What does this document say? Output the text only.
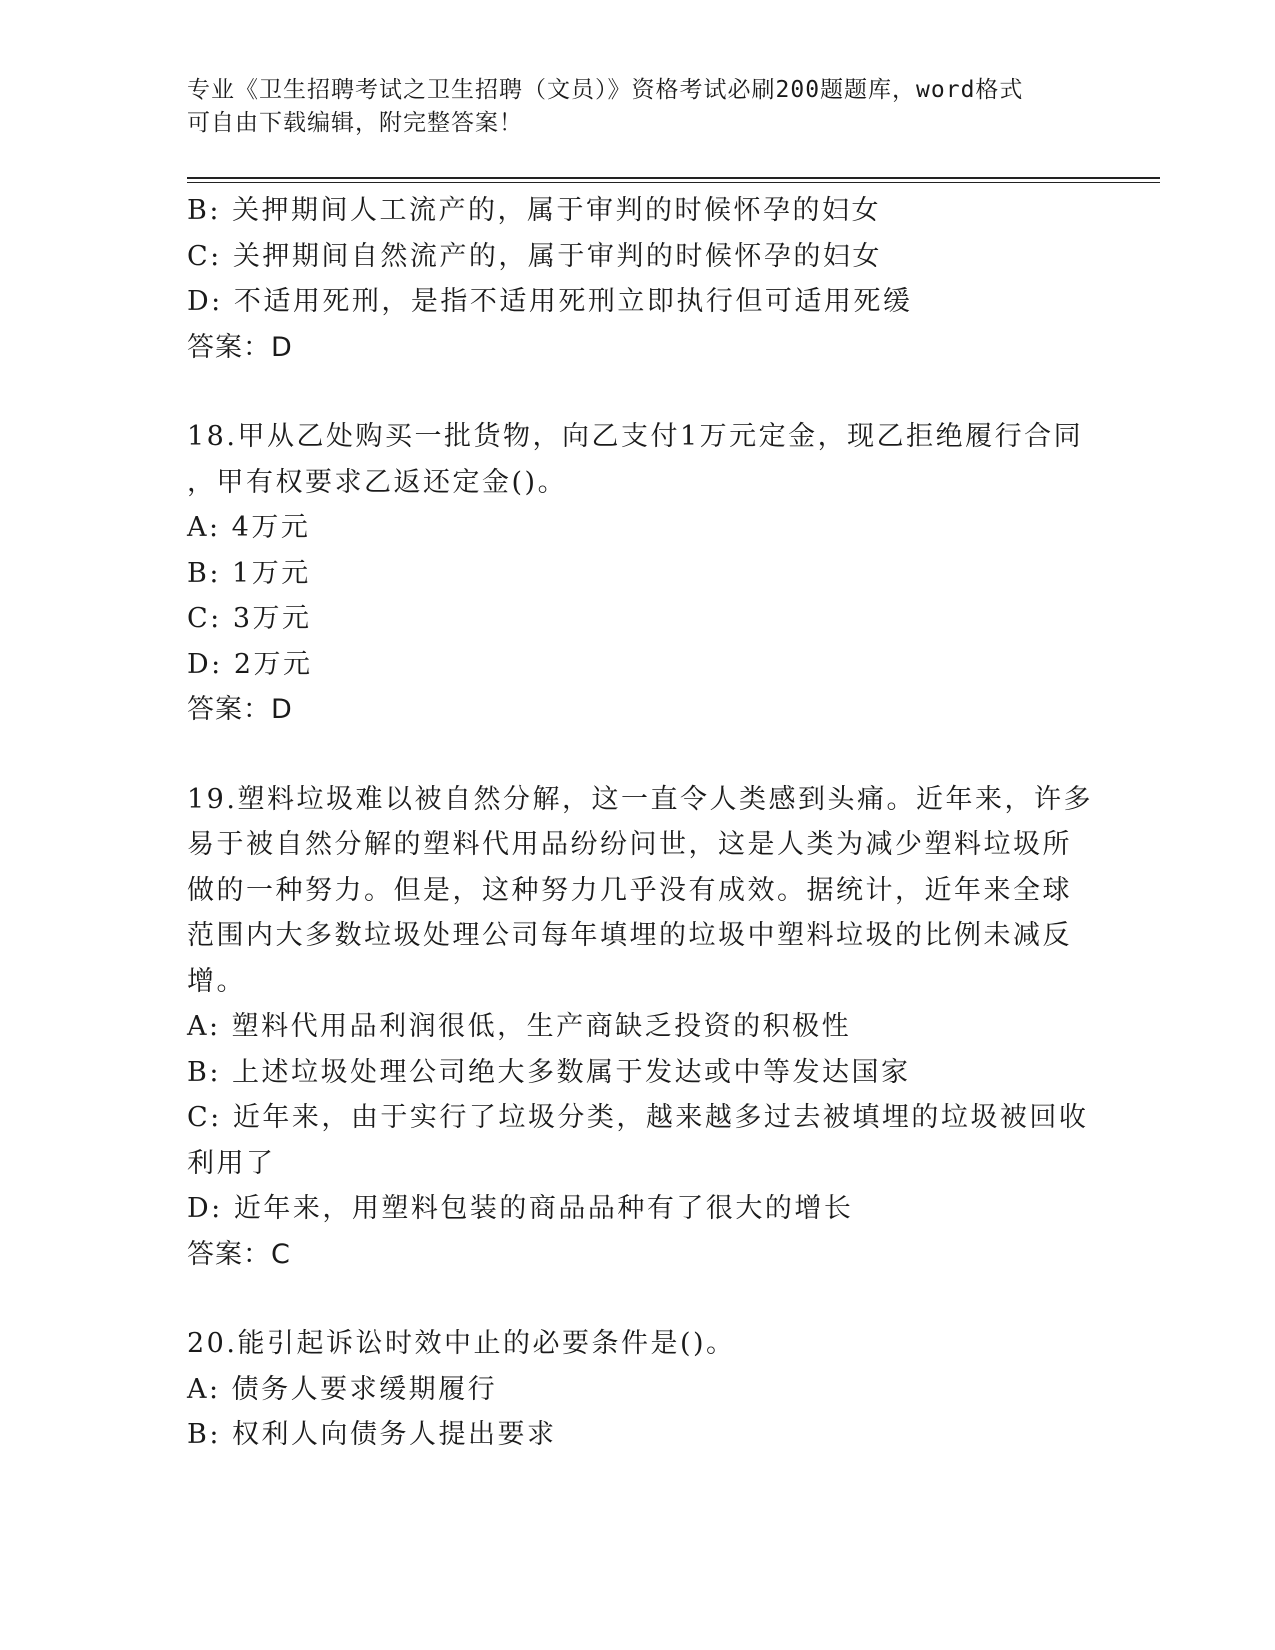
专业《卫生招聘考试之卫生招聘（文员）》资格考试必刷200题题库，word格式
可自由下载编辑，附完整答案！
B: 关押期间人工流产的，属于审判的时候怀孕的妇女
C: 关押期间自然流产的，属于审判的时候怀孕的妇女
D: 不适用死刑，是指不适用死刑立即执行但可适用死缓
答案：D
18.甲从乙处购买一批货物，向乙支付1万元定金，现乙拒绝履行合同
，甲有权要求乙返还定金()。
A: 4万元
B: 1万元
C: 3万元
D: 2万元
答案：D
19.塑料垃圾难以被自然分解，这一直令人类感到头痛。近年来，许多
易于被自然分解的塑料代用品纷纷问世，这是人类为减少塑料垃圾所
做的一种努力。但是，这种努力几乎没有成效。据统计，近年来全球
范围内大多数垃圾处理公司每年填埋的垃圾中塑料垃圾的比例未减反
增。
A: 塑料代用品利润很低，生产商缺乏投资的积极性
B: 上述垃圾处理公司绝大多数属于发达或中等发达国家
C: 近年来，由于实行了垃圾分类，越来越多过去被填埋的垃圾被回收
利用了
D: 近年来，用塑料包装的商品品种有了很大的增长
答案：C
20.能引起诉讼时效中止的必要条件是()。
A: 债务人要求缓期履行
B: 权利人向债务人提出要求
